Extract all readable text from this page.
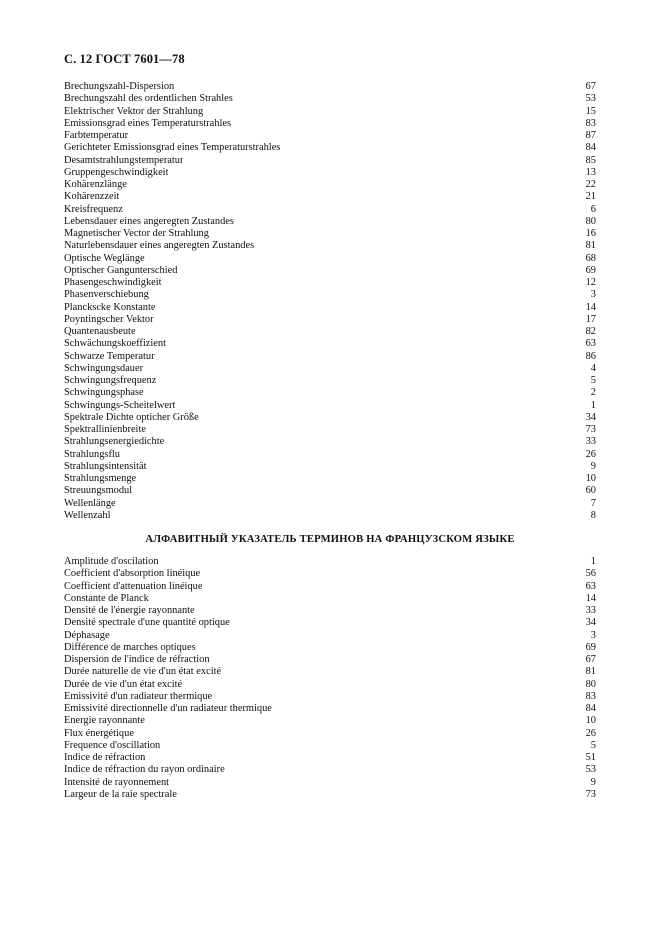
С. 12 ГОСТ 7601—78
Brechungszahl-Dispersion	67
Brechungszahl des ordentlichen Strahles	53
Elektrischer Vektor der Strahlung	15
Emissionsgrad eines Temperaturstrahles	83
Farbtemperatur	87
Gerichteter Emissionsgrad eines Temperaturstrahles	84
Desamtstrahlungstemperatur	85
Gruppengeschwindigkeit	13
Kohärenzlänge	22
Kohärenzzeit	21
Kreisfrequenz	6
Lebensdauer eines angeregten Zustandes	80
Magnetischer Vector der Strahlung	16
Naturlebensdauer eines angeregten Zustandes	81
Optische Weglänge	68
Optischer Gangunterschied	69
Phasengeschwindigkeit	12
Phasenverschiebung	3
Planckscke Konstante	14
Poyntingscher Vektor	17
Quantenausbeute	82
Schwächungskoeffizient	63
Schwarze Temperatur	86
Schwingungsdauer	4
Schwingungsfrequenz	5
Schwingungsphase	2
Schwingungs-Scheitelwert	1
Spektrale Dichte opticher Größe	34
Spektrallinienbreite	73
Strahlungsenergiedichte	33
Strahlungsflu	26
Strahlungsintensität	9
Strahlungsmenge	10
Streuungsmodul	60
Wellenlänge	7
Wellenzahl	8
АЛФАВИТНЫЙ УКАЗАТЕЛЬ ТЕРМИНОВ НА ФРАНЦУЗСКОМ ЯЗЫКЕ
Amplitude d'oscilation	1
Coefficient d'absorption linéique	56
Coefficient d'attenuation linéique	63
Constante de Planck	14
Densité de l'énergie rayonnante	33
Densité spectrale d'une quantité optique	34
Déphasage	3
Différence de marches optiques	69
Dispersion de l'indice de réfraction	67
Durée naturelle de vie d'un état excité	81
Durée de vie d'un état excité	80
Emissivité d'un radiateur thermique	83
Emissivité directionnelle d'un radiateur thermique	84
Energie rayonnante	10
Flux énergétique	26
Frequence d'oscillation	5
Indice de réfraction	51
Indice de réfraction du rayon ordinaire	53
Intensité de rayonnement	9
Largeur de la raie spectrale	73
